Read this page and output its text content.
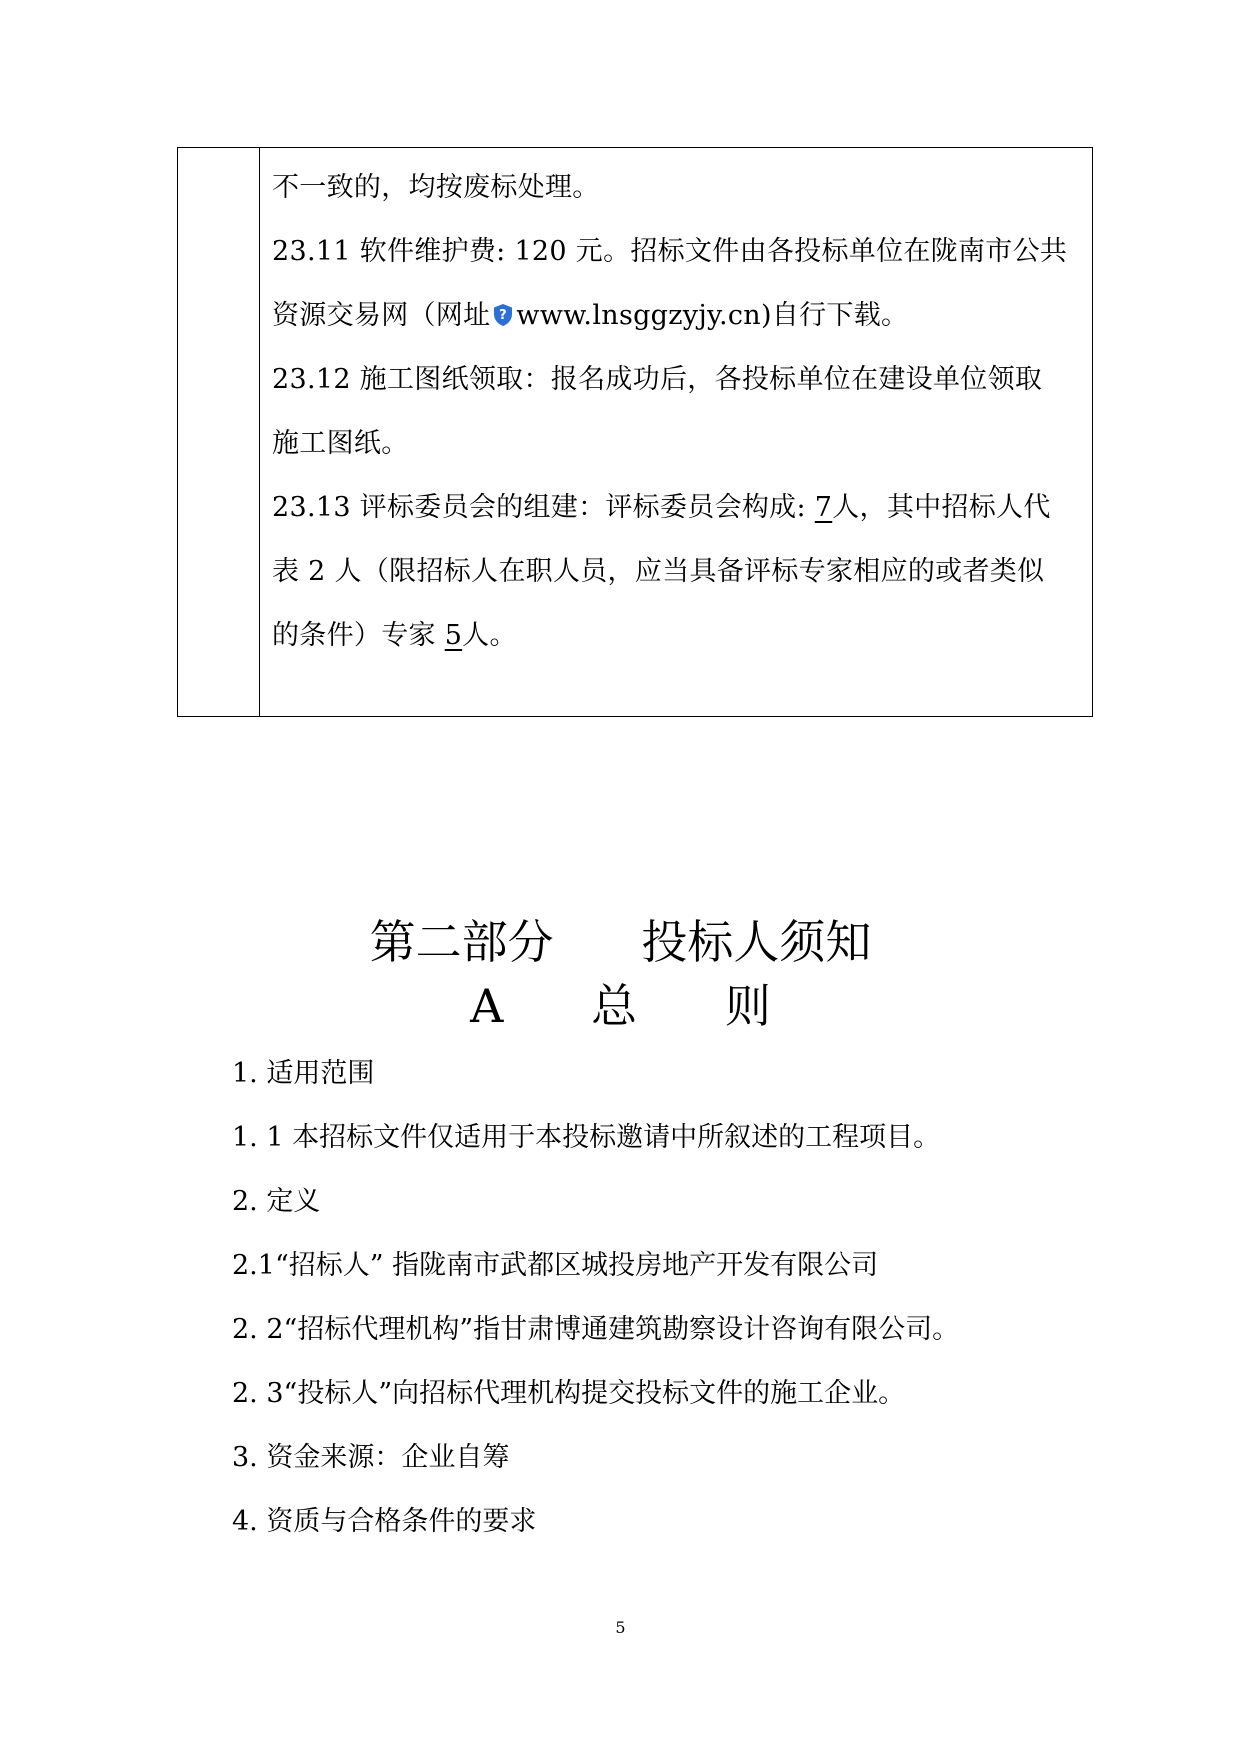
不一致的，均按废标处理。

23.11 软件维护费: 120 元。招标文件由各投标单位在陇南市公共

资源交易网（网址 ? www.lnsggzyjy.cn)自行下载。

23.12 施工图纸领取：报名成功后，各投标单位在建设单位领取

施工图纸。

23.13 评标委员会的组建：评标委员会构成: 7人，其中招标人代

表 2 人（限招标人在职人员，应当具备评标专家相应的或者类似

的条件）专家 5人。

第二部分      投标人须知
A      总      则

1. 适用范围

1. 1 本招标文件仅适用于本投标邀请中所叙述的工程项目。

2. 定义

2.1“招标人” 指陇南市武都区城投房地产开发有限公司

2. 2“招标代理机构”指甘肃博通建筑勘察设计咨询有限公司。

2. 3“投标人”向招标代理机构提交投标文件的施工企业。

3. 资金来源：企业自筹

4. 资质与合格条件的要求

5
